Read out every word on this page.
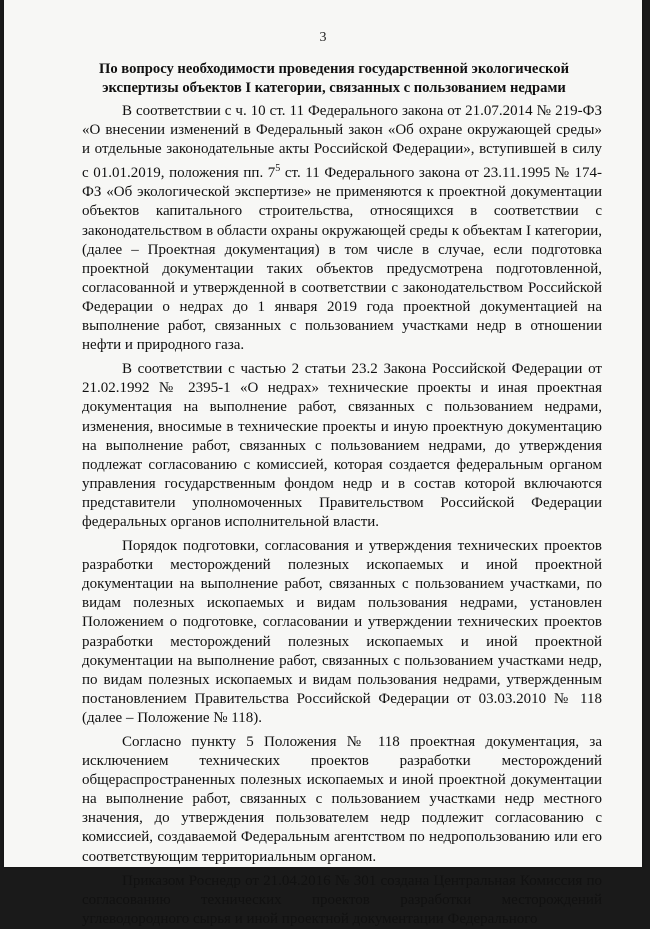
3
По вопросу необходимости проведения государственной экологической
экспертизы объектов I категории, связанных с пользованием недрами

В соответствии с ч. 10 ст. 11 Федерального закона от 21.07.2014 № 219-ФЗ «О внесении изменений в Федеральный закон «Об охране окружающей среды» и отдельные законодательные акты Российской Федерации», вступившей в силу с 01.01.2019, положения пп. $7^5$ ст. 11 Федерального закона от 23.11.1995 № 174-ФЗ «Об экологической экспертизе» не применяются к проектной документации объектов капитального строительства, относящихся в соответствии с законодательством в области охраны окружающей среды к объектам I категории, (далее – Проектная документация) в том числе в случае, если подготовка проектной документации таких объектов предусмотрена подготовленной, согласованной и утвержденной в соответствии с законодательством Российской Федерации о недрах до 1 января 2019 года проектной документацией на выполнение работ, связанных с пользованием участками недр в отношении нефти и природного газа.

В соответствии с частью 2 статьи 23.2 Закона Российской Федерации от 21.02.1992 № 2395-1 «О недрах» технические проекты и иная проектная документация на выполнение работ, связанных с пользованием недрами, изменения, вносимые в технические проекты и иную проектную документацию на выполнение работ, связанных с пользованием недрами, до утверждения подлежат согласованию с комиссией, которая создается федеральным органом управления государственным фондом недр и в состав которой включаются представители уполномоченных Правительством Российской Федерации федеральных органов исполнительной власти.

Порядок подготовки, согласования и утверждения технических проектов разработки месторождений полезных ископаемых и иной проектной документации на выполнение работ, связанных с пользованием участками, по видам полезных ископаемых и видам пользования недрами, установлен Положением о подготовке, согласовании и утверждении технических проектов разработки месторождений полезных ископаемых и иной проектной документации на выполнение работ, связанных с пользованием участками недр, по видам полезных ископаемых и видам пользования недрами, утвержденным постановлением Правительства Российской Федерации от 03.03.2010 № 118 (далее – Положение № 118).

Согласно пункту 5 Положения № 118 проектная документация, за исключением технических проектов разработки месторождений общераспространенных полезных ископаемых и иной проектной документации на выполнение работ, связанных с пользованием участками недр местного значения, до утверждения пользователем недр подлежит согласованию с комиссией, создаваемой Федеральным агентством по недропользованию или его соответствующим территориальным органом.

Приказом Роснедр от 21.04.2016 № 301 создана Центральная Комиссия по согласованию технических проектов разработки месторождений углеводородного сырья и иной проектной документации Федерального
